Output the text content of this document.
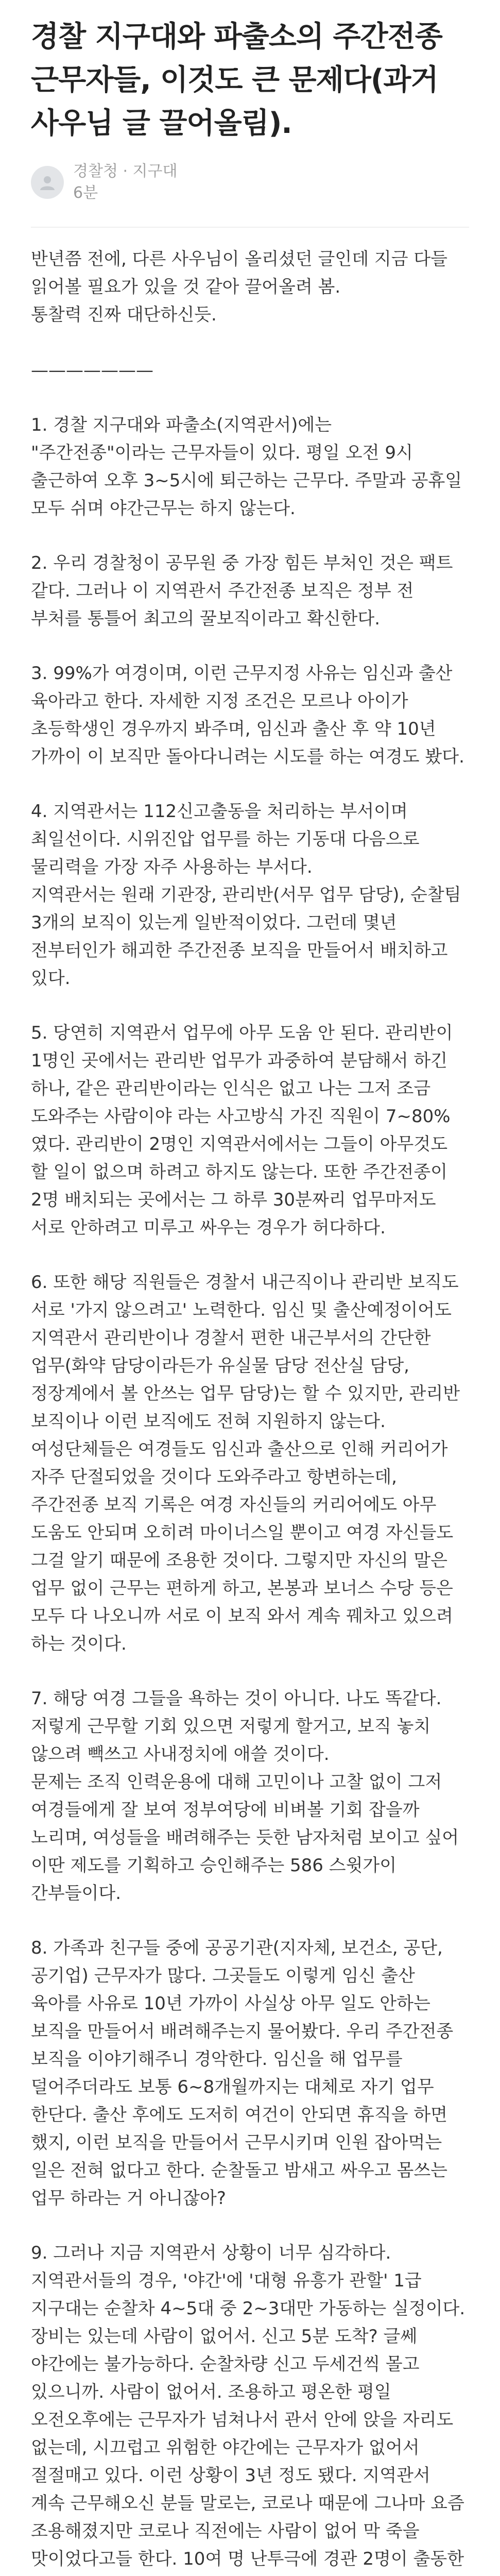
경찰 지구대와 파출소의 주간전종 근무자들, 이것도 큰 문제다(과거 사우님 글 끌어올림).
경찰청 · 지구대
6분

반년쯤 전에, 다른 사우님이 올리셨던 글인데 지금 다들 읽어볼 필요가 있을 것 같아 끌어올려 봄.
통찰력 진짜 대단하신듯.

———————

1. 경찰 지구대와 파출소(지역관서)에는 "주간전종"이라는 근무자들이 있다. 평일 오전 9시 출근하여 오후 3~5시에 퇴근하는 근무다. 주말과 공휴일 모두 쉬며 야간근무는 하지 않는다.

2. 우리 경찰청이 공무원 중 가장 힘든 부처인 것은 팩트 같다. 그러나 이 지역관서 주간전종 보직은 정부 전 부처를 통틀어 최고의 꿀보직이라고 확신한다.

3. 99%가 여경이며, 이런 근무지정 사유는 임신과 출산 육아라고 한다. 자세한 지정 조건은 모르나 아이가 초등학생인 경우까지 봐주며, 임신과 출산 후 약 10년 가까이 이 보직만 돌아다니려는 시도를 하는 여경도 봤다.

4. 지역관서는 112신고출동을 처리하는 부서이며 최일선이다. 시위진압 업무를 하는 기동대 다음으로 물리력을 가장 자주 사용하는 부서다.
지역관서는 원래 기관장, 관리반(서무 업무 담당), 순찰팀 3개의 보직이 있는게 일반적이었다. 그런데 몇년 전부터인가 해괴한 주간전종 보직을 만들어서 배치하고 있다.

5. 당연히 지역관서 업무에 아무 도움 안 된다. 관리반이 1명인 곳에서는 관리반 업무가 과중하여 분담해서 하긴 하나, 같은 관리반이라는 인식은 없고 나는 그저 조금 도와주는 사람이야 라는 사고방식 가진 직원이 7~80% 였다. 관리반이 2명인 지역관서에서는 그들이 아무것도 할 일이 없으며 하려고 하지도 않는다. 또한 주간전종이 2명 배치되는 곳에서는 그 하루 30분짜리 업무마저도 서로 안하려고 미루고 싸우는 경우가 허다하다.

6. 또한 해당 직원들은 경찰서 내근직이나 관리반 보직도 서로 '가지 않으려고' 노력한다. 임신 및 출산예정이어도 지역관서 관리반이나 경찰서 편한 내근부서의 간단한 업무(화약 담당이라든가 유실물 담당 전산실 담당, 정장계에서 볼 안쓰는 업무 담당)는 할 수 있지만, 관리반 보직이나 이런 보직에도 전혀 지원하지 않는다.
여성단체들은 여경들도 임신과 출산으로 인해 커리어가 자주 단절되었을 것이다 도와주라고 항변하는데, 주간전종 보직 기록은 여경 자신들의 커리어에도 아무 도움도 안되며 오히려 마이너스일 뿐이고 여경 자신들도 그걸 알기 때문에 조용한 것이다. 그렇지만 자신의 말은 업무 없이 근무는 편하게 하고, 본봉과 보너스 수당 등은 모두 다 나오니까 서로 이 보직 와서 계속 꿰차고 있으려 하는 것이다.

7. 해당 여경 그들을 욕하는 것이 아니다. 나도 똑같다.
저렇게 근무할 기회 있으면 저렇게 할거고, 보직 놓치 않으려 빽쓰고 사내정치에 애쓸 것이다.
문제는 조직 인력운용에 대해 고민이나 고찰 없이 그저 여경들에게 잘 보여 정부여당에 비벼볼 기회 잡을까 노리며, 여성들을 배려해주는 듯한 남자처럼 보이고 싶어 이딴 제도를 기획하고 승인해주는 586 스윗가이 간부들이다.

8. 가족과 친구들 중에 공공기관(지자체, 보건소, 공단, 공기업) 근무자가 많다. 그곳들도 이렇게 임신 출산 육아를 사유로 10년 가까이 사실상 아무 일도 안하는 보직을 만들어서 배려해주는지 물어봤다. 우리 주간전종 보직을 이야기해주니 경악한다. 임신을 해 업무를 덜어주더라도 보통 6~8개월까지는 대체로 자기 업무 한단다. 출산 후에도 도저히 여건이 안되면 휴직을 하면 했지, 이런 보직을 만들어서 근무시키며 인원 잡아먹는 일은 전혀 없다고 한다. 순찰돌고 밤새고 싸우고 몸쓰는 업무 하라는 거 아니잖아?

9. 그러나 지금 지역관서 상황이 너무 심각하다.
지역관서들의 경우, '야간'에 '대형 유흥가 관할' 1급 지구대는 순찰차 4~5대 중 2~3대만 가동하는 실정이다. 장비는 있는데 사람이 없어서. 신고 5분 도착? 글쎄 야간에는 불가능하다. 순찰차량 신고 두세건씩 몰고 있으니까. 사람이 없어서. 조용하고 평온한 평일 오전오후에는 근무자가 넘쳐나서 관서 안에 앉을 자리도 없는데, 시끄럽고 위험한 야간에는 근무자가 없어서 절절매고 있다. 이런 상황이 3년 정도 됐다. 지역관서 계속 근무해오신 분들 말로는, 코로나 때문에 그나마 요즘 조용해졌지만 코로나 직전에는 사람이 없어 막 죽을 맛이었다고들 한다. 10여 명 난투극에 경관 2명이 출동한
